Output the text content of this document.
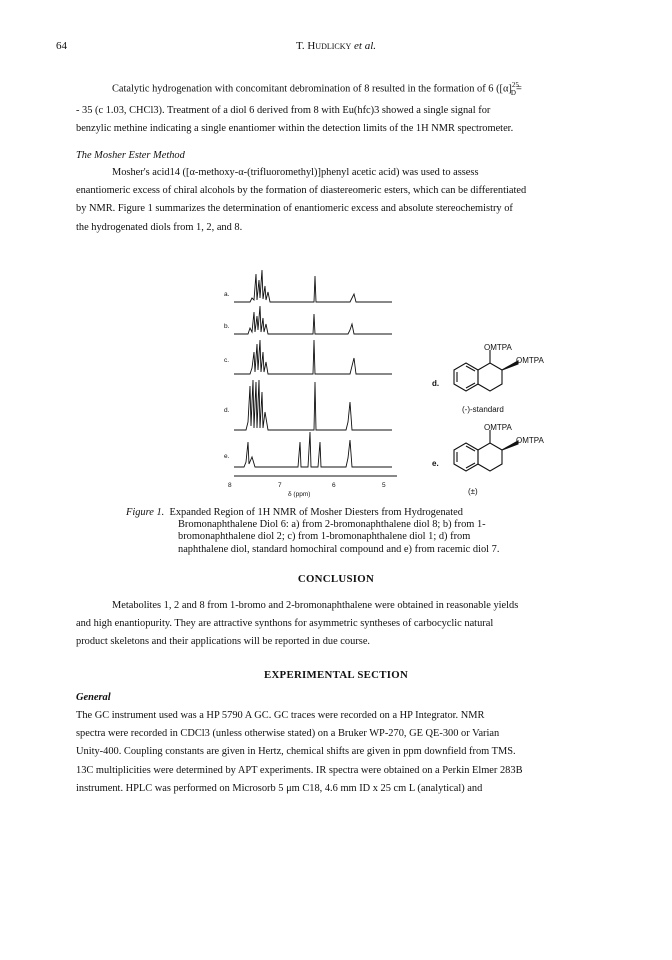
64	T. Hudlicky et al.
Catalytic hydrogenation with concomitant debromination of 8 resulted in the formation of 6 ($[\alpha]^{25}_D=$
- 35 (c 1.03, CHCl3). Treatment of a diol 6 derived from 8 with Eu(hfc)3 showed a single signal for
benzylic methine indicating a single enantiomer within the detection limits of the 1H NMR spectrometer.
The Mosher Ester Method
Mosher's acid14 ([α-methoxy-α-(trifluoromethyl)]phenyl acetic acid) was used to assess
enantiomeric excess of chiral alcohols by the formation of diastereomeric esters, which can be differentiated
by NMR. Figure 1 summarizes the determination of enantiomeric excess and absolute stereochemistry of
the hydrogenated diols from 1, 2, and 8.
a.
b.
c.
d.
e.
8	7	6	5
δ (ppm)
OMTPA
OMTPA
d.
(-)-standard
OMTPA
OMTPA
e.
(±)
Figure 1. Expanded Region of 1H NMR of Mosher Diesters from Hydrogenated
Bromonaphthalene Diol 6: a) from 2-bromonaphthalene diol 8; b) from 1-
bromonaphthalene diol 2; c) from 1-bromonaphthalene diol 1; d) from
naphthalene diol, standard homochiral compound and e) from racemic diol 7.
CONCLUSION
Metabolites 1, 2 and 8 from 1-bromo and 2-bromonaphthalene were obtained in reasonable yields
and high enantiopurity. They are attractive synthons for asymmetric syntheses of carbocyclic natural
product skeletons and their applications will be reported in due course.
EXPERIMENTAL SECTION
General
The GC instrument used was a HP 5790 A GC. GC traces were recorded on a HP Integrator. NMR
spectra were recorded in CDCl3 (unless otherwise stated) on a Bruker WP-270, GE QE-300 or Varian
Unity-400. Coupling constants are given in Hertz, chemical shifts are given in ppm downfield from TMS.
13C multiplicities were determined by APT experiments. IR spectra were obtained on a Perkin Elmer 283B
instrument. HPLC was performed on Microsorb 5 μm C18, 4.6 mm ID x 25 cm L (analytical) and
